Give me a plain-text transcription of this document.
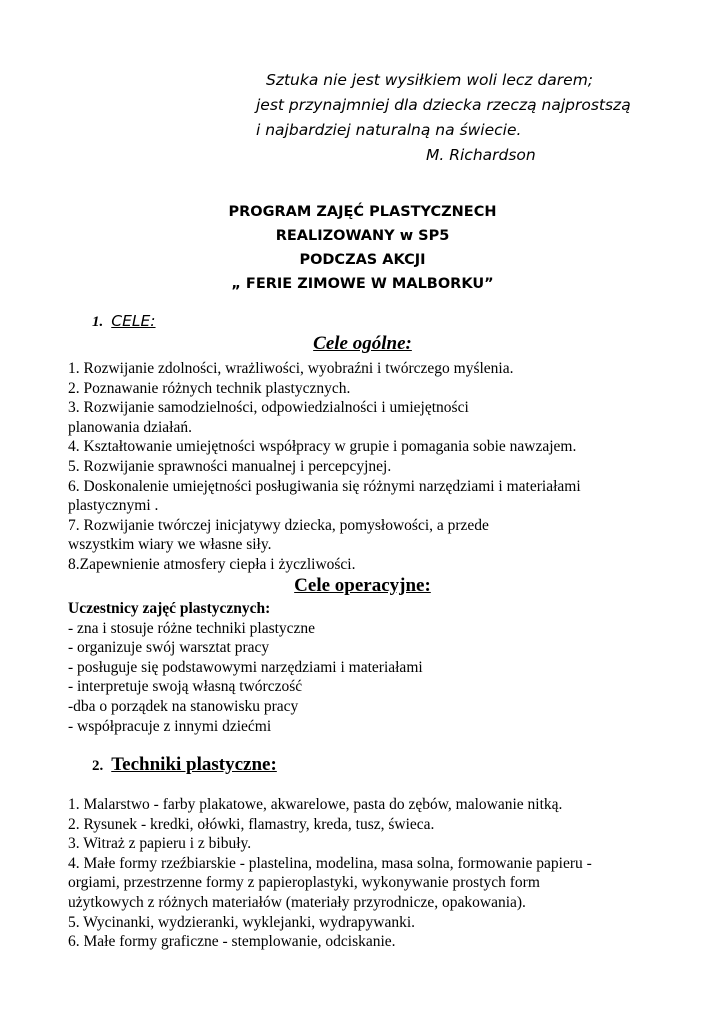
Sztuka nie jest wysiłkiem woli lecz darem;
jest przynajmniej dla dziecka rzeczą najprostszą
i najbardziej naturalną na świecie.
M. Richardson
PROGRAM ZAJĘĆ PLASTYCZNECH
REALIZOWANY w SP5
PODCZAS AKCJI
„ FERIE ZIMOWE W MALBORKU”
1. CELE:
Cele ogólne:
1. Rozwijanie zdolności, wrażliwości, wyobraźni i twórczego myślenia.
2. Poznawanie różnych technik plastycznych.
3. Rozwijanie samodzielności, odpowiedzialności i umiejętności
planowania działań.
4. Kształtowanie umiejętności współpracy w grupie i pomagania sobie nawzajem.
5. Rozwijanie sprawności manualnej i percepcyjnej.
6. Doskonalenie umiejętności posługiwania się różnymi narzędziami i materiałami
plastycznymi .
7. Rozwijanie twórczej inicjatywy dziecka, pomysłowości, a przede
wszystkim wiary we własne siły.
8.Zapewnienie atmosfery ciepła i życzliwości.
Cele operacyjne:
Uczestnicy zajęć plastycznych:
- zna i stosuje różne techniki plastyczne
- organizuje swój warsztat pracy
- posługuje się podstawowymi narzędziami i materiałami
- interpretuje swoją własną twórczość
-dba o porządek na stanowisku pracy
- współpracuje z innymi dziećmi
2. Techniki plastyczne:
1. Malarstwo - farby plakatowe, akwarelowe, pasta do zębów, malowanie nitką.
2. Rysunek - kredki, ołówki, flamastry, kreda, tusz, świeca.
3. Witraż z papieru i z bibuły.
4. Małe formy rzeźbiarskie - plastelina, modelina, masa solna, formowanie papieru -
orgiami, przestrzenne formy z papieroplastyki, wykonywanie prostych form
użytkowych z różnych materiałów (materiały przyrodnicze, opakowania).
5. Wycinanki, wydzieranki, wyklejanki, wydrapywanki.
6. Małe formy graficzne - stemplowanie, odciskanie.
